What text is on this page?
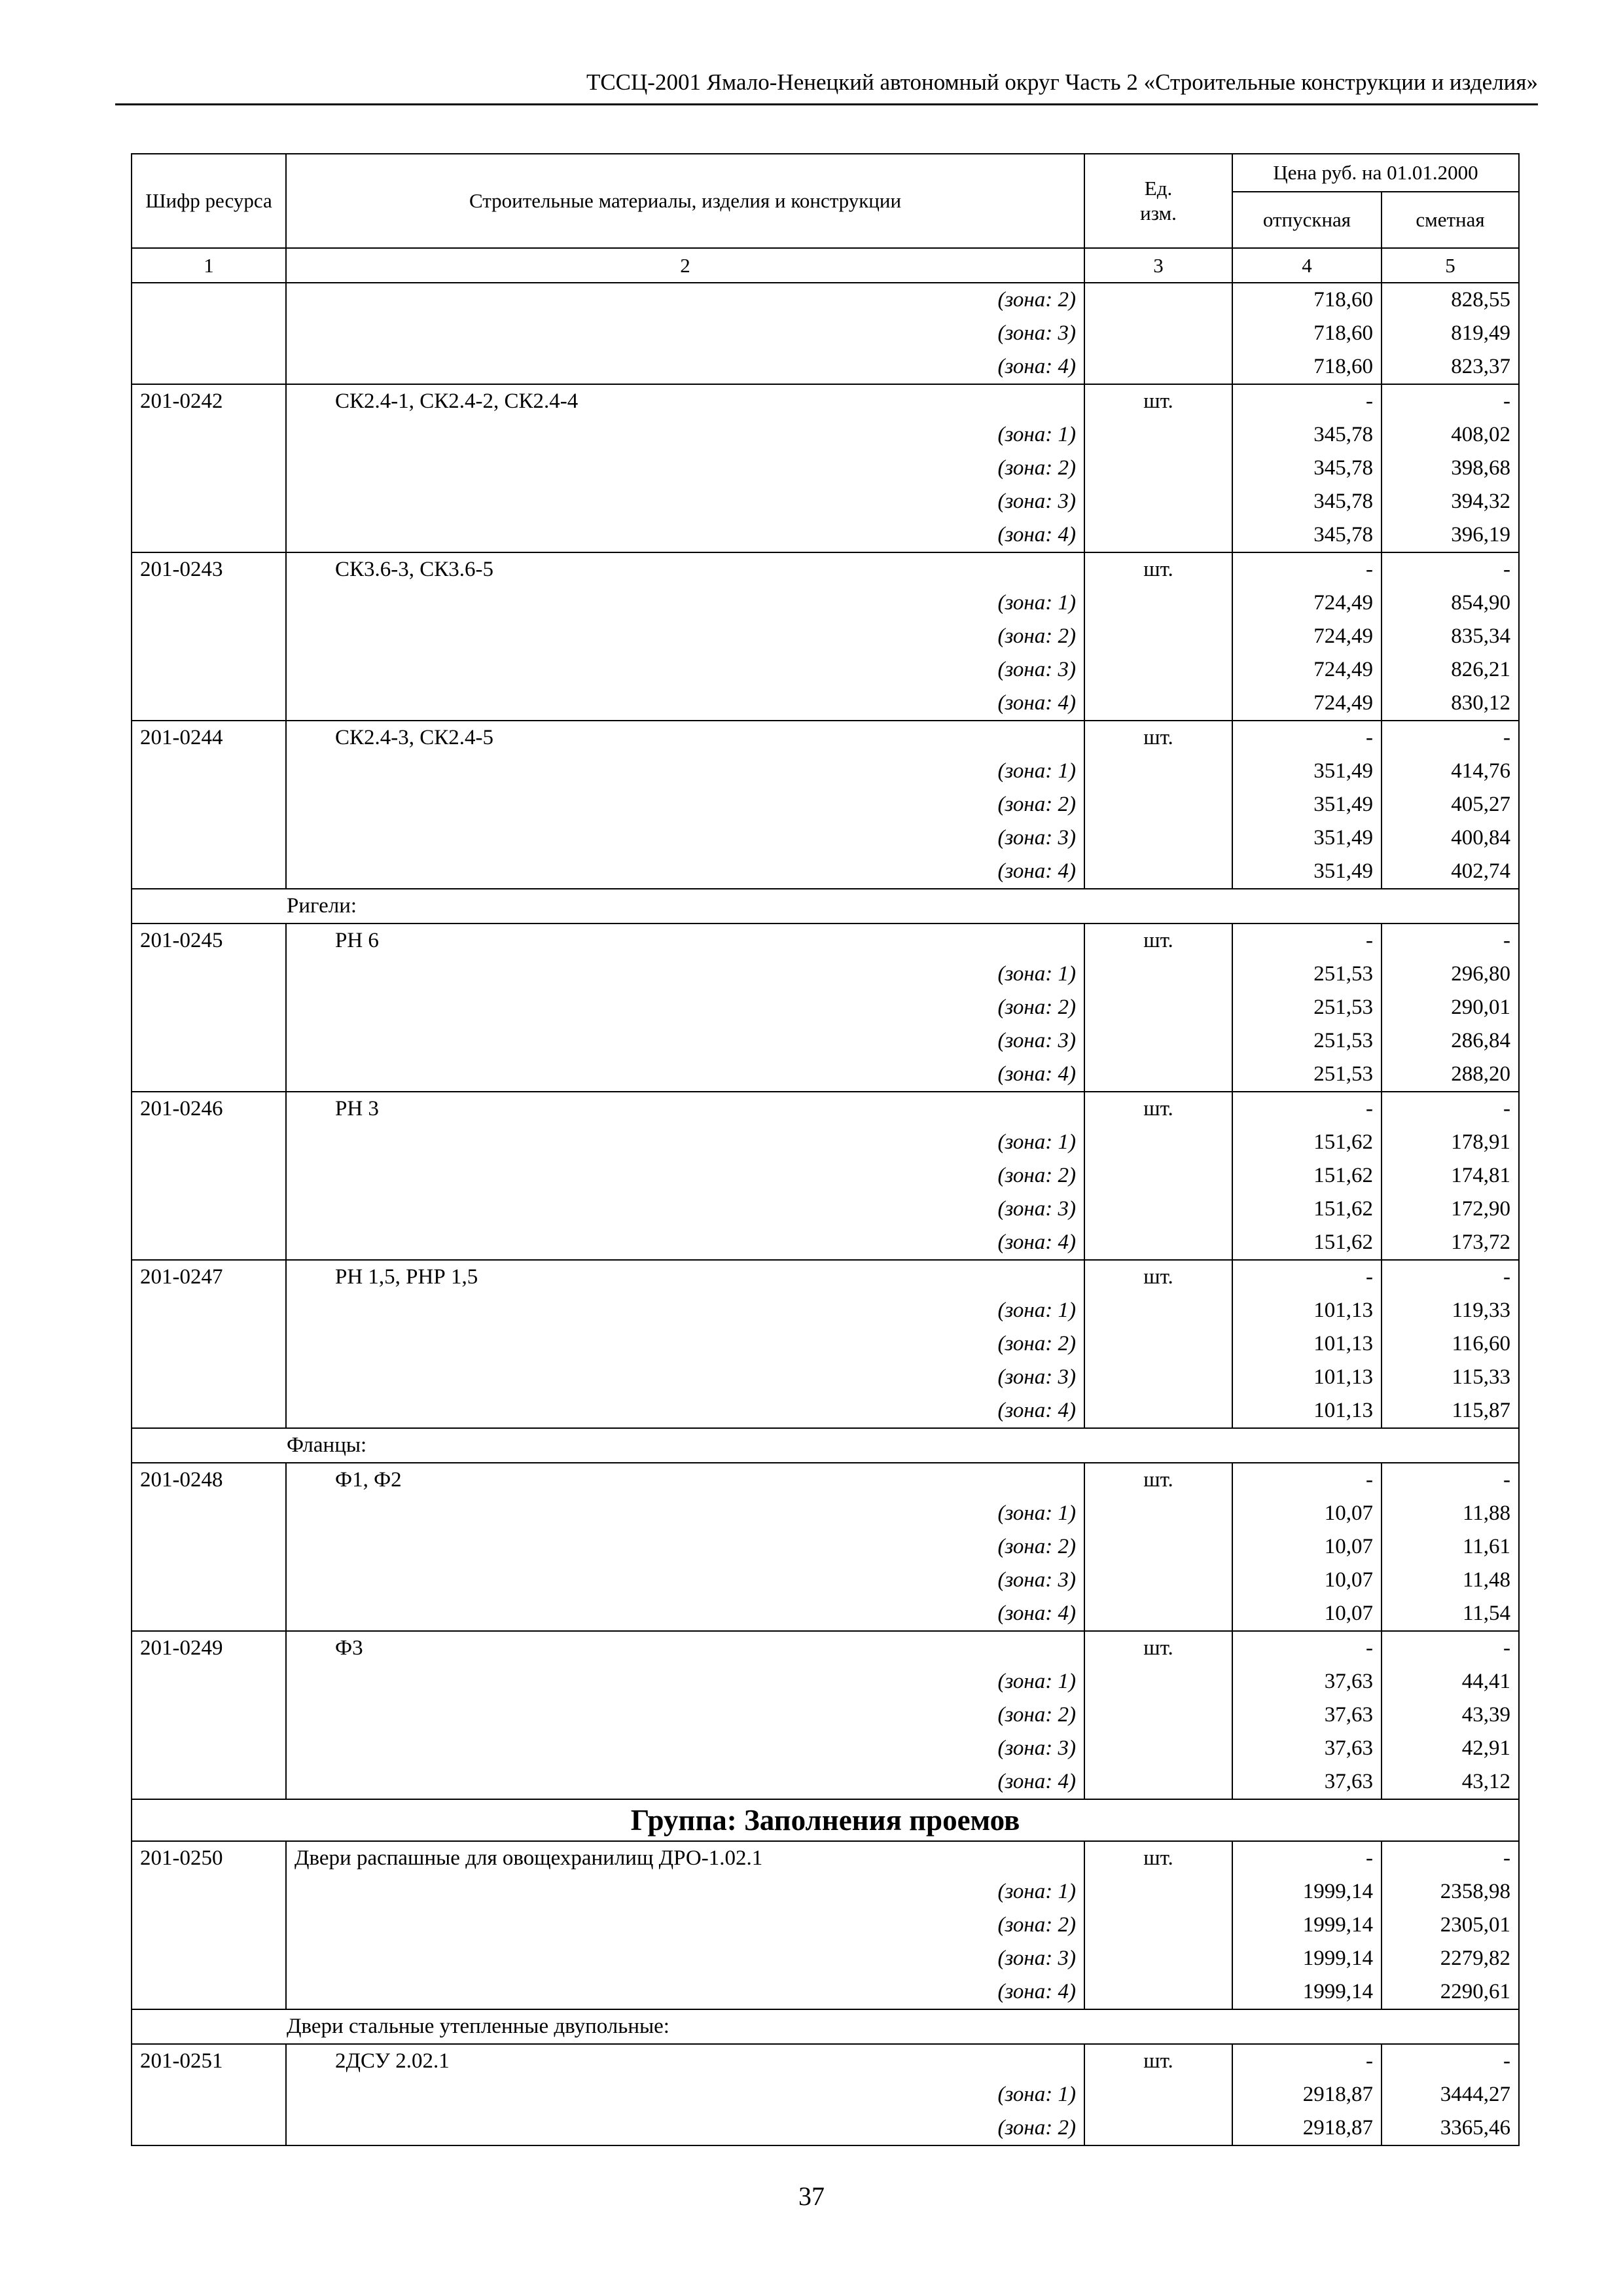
ТССЦ-2001 Ямало-Ненецкий автономный округ Часть 2 «Строительные конструкции и изделия»
Шифр ресурса	Строительные материалы, изделия и конструкции	Ед. изм.	Цена руб. на 01.01.2000	
			отпускная	сметная
1	2	3	4	5
	(зона: 2)		718,60	828,55
	(зона: 3)		718,60	819,49
	(зона: 4)		718,60	823,37
201-0242	СК2.4-1, СК2.4-2, СК2.4-4	шт.	-	-
	(зона: 1)		345,78	408,02
	(зона: 2)		345,78	398,68
	(зона: 3)		345,78	394,32
	(зона: 4)		345,78	396,19
201-0243	СК3.6-3, СК3.6-5	шт.	-	-
	(зона: 1)		724,49	854,90
	(зона: 2)		724,49	835,34
	(зона: 3)		724,49	826,21
	(зона: 4)		724,49	830,12
201-0244	СК2.4-3, СК2.4-5	шт.	-	-
	(зона: 1)		351,49	414,76
	(зона: 2)		351,49	405,27
	(зона: 3)		351,49	400,84
	(зона: 4)		351,49	402,74
Ригели:				
201-0245	РН 6	шт.	-	-
	(зона: 1)		251,53	296,80
	(зона: 2)		251,53	290,01
	(зона: 3)		251,53	286,84
	(зона: 4)		251,53	288,20
201-0246	РН 3	шт.	-	-
	(зона: 1)		151,62	178,91
	(зона: 2)		151,62	174,81
	(зона: 3)		151,62	172,90
	(зона: 4)		151,62	173,72
201-0247	РН 1,5, РНР 1,5	шт.	-	-
	(зона: 1)		101,13	119,33
	(зона: 2)		101,13	116,60
	(зона: 3)		101,13	115,33
	(зона: 4)		101,13	115,87
Фланцы:				
201-0248	Ф1, Ф2	шт.	-	-
	(зона: 1)		10,07	11,88
	(зона: 2)		10,07	11,61
	(зона: 3)		10,07	11,48
	(зона: 4)		10,07	11,54
201-0249	Ф3	шт.	-	-
	(зона: 1)		37,63	44,41
	(зона: 2)		37,63	43,39
	(зона: 3)		37,63	42,91
	(зона: 4)		37,63	43,12
Группа: Заполнения проемов				
201-0250	Двери распашные для овощехранилищ ДРО-1.02.1	шт.	-	-
	(зона: 1)		1999,14	2358,98
	(зона: 2)		1999,14	2305,01
	(зона: 3)		1999,14	2279,82
	(зона: 4)		1999,14	2290,61
Двери стальные утепленные двупольные:				
201-0251	2ДСУ 2.02.1	шт.	-	-
	(зона: 1)		2918,87	3444,27
	(зона: 2)		2918,87	3365,46
37
